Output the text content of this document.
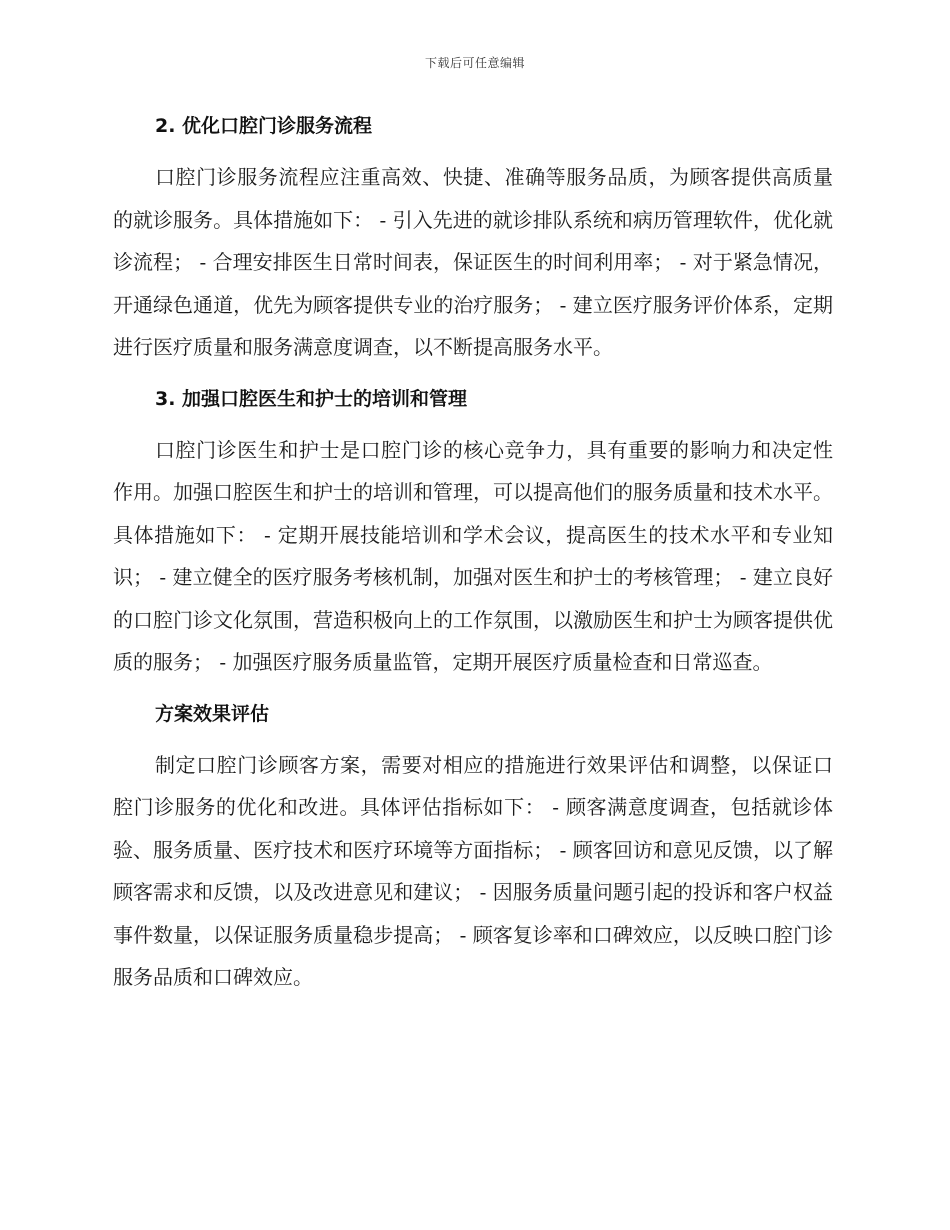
下载后可任意编辑
2. 优化口腔门诊服务流程

口腔门诊服务流程应注重高效、快捷、准确等服务品质，为顾客提供高质量的就诊服务。具体措施如下： - 引入先进的就诊排队系统和病历管理软件，优化就诊流程； - 合理安排医生日常时间表，保证医生的时间利用率； - 对于紧急情况，开通绿色通道，优先为顾客提供专业的治疗服务； - 建立医疗服务评价体系，定期进行医疗质量和服务满意度调查，以不断提高服务水平。

3. 加强口腔医生和护士的培训和管理

口腔门诊医生和护士是口腔门诊的核心竞争力，具有重要的影响力和决定性作用。加强口腔医生和护士的培训和管理，可以提高他们的服务质量和技术水平。具体措施如下： - 定期开展技能培训和学术会议，提高医生的技术水平和专业知识； - 建立健全的医疗服务考核机制，加强对医生和护士的考核管理； - 建立良好的口腔门诊文化氛围，营造积极向上的工作氛围，以激励医生和护士为顾客提供优质的服务； - 加强医疗服务质量监管，定期开展医疗质量检查和日常巡查。

方案效果评估

制定口腔门诊顾客方案，需要对相应的措施进行效果评估和调整，以保证口腔门诊服务的优化和改进。具体评估指标如下： - 顾客满意度调查，包括就诊体验、服务质量、医疗技术和医疗环境等方面指标； - 顾客回访和意见反馈，以了解顾客需求和反馈，以及改进意见和建议； - 因服务质量问题引起的投诉和客户权益事件数量，以保证服务质量稳步提高； - 顾客复诊率和口碑效应，以反映口腔门诊服务品质和口碑效应。
